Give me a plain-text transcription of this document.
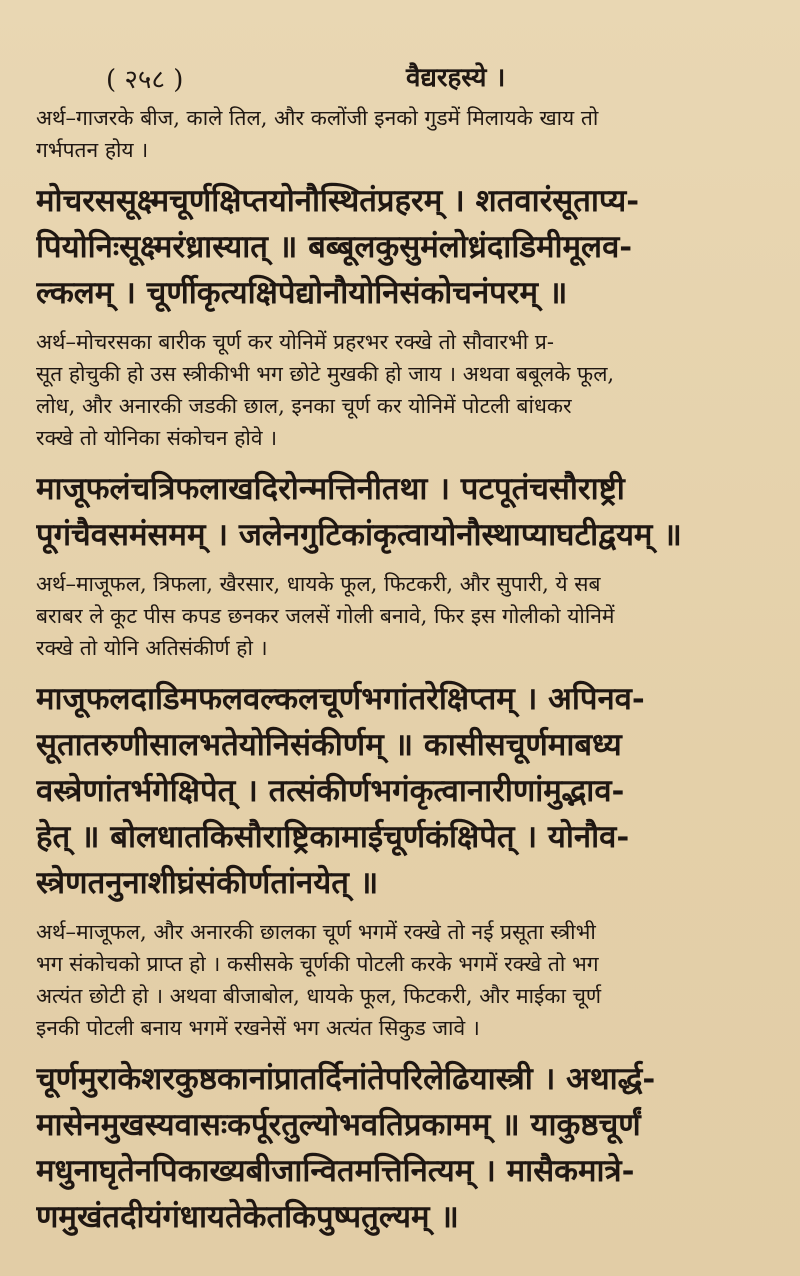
( २५८ )	वैद्यरहस्ये ।
अर्थ–गाजरके बीज, काले तिल, और कलोंजी इनको गुडमें मिलायके खाय तो
गर्भपतन होय ।
मोचरससूक्ष्मचूर्णक्षिप्तयोनौस्थितंप्रहरम् । शतवारंसूताप्य-
पियोनिःसूक्ष्मरंध्रास्यात् ॥ बब्बूलकुसुमंलोध्रंदाडिमीमूलव-
ल्कलम् । चूर्णीकृत्यक्षिपेद्योनौयोनिसंकोचनंपरम् ॥
अर्थ–मोचरसका बारीक चूर्ण कर योनिमें प्रहरभर रक्खे तो सौवारभी प्र-
सूत होचुकी हो उस स्त्रीकीभी भग छोटे मुखकी हो जाय । अथवा बबूलके फूल,
लोध, और अनारकी जडकी छाल, इनका चूर्ण कर योनिमें पोटली बांधकर
रक्खे तो योनिका संकोचन होवे ।
माजूफलंचत्रिफलाखदिरोन्मत्तिनीतथा । पटपूतंचसौराष्ट्री
पूगंचैवसमंसमम् । जलेनगुटिकांकृत्वायोनौस्थाप्याघटीद्वयम् ॥
अर्थ–माजूफल, त्रिफला, खैरसार, धायके फूल, फिटकरी, और सुपारी, ये सब
बराबर ले कूट पीस कपड छनकर जलसें गोली बनावे, फिर इस गोलीको योनिमें
रक्खे तो योनि अतिसंकीर्ण हो ।
माजूफलदाडिमफलवल्कलचूर्णभगांतरेक्षिप्तम् । अपिनव-
सूतातरुणीसालभतेयोनिसंकीर्णम् ॥ कासीसचूर्णमाबध्य
वस्त्रेणांतर्भगेक्षिपेत् । तत्संकीर्णभगंकृत्वानारीणांमुद्भाव-
हेत् ॥ बोलधातकिसौराष्ट्रिकामाईचूर्णकंक्षिपेत् । योनौव-
स्त्रेणतनुनाशीघ्रंसंकीर्णतांनयेत् ॥
अर्थ–माजूफल, और अनारकी छालका चूर्ण भगमें रक्खे तो नई प्रसूता स्त्रीभी
भग संकोचको प्राप्त हो । कसीसके चूर्णकी पोटली करके भगमें रक्खे तो भग
अत्यंत छोटी हो । अथवा बीजाबोल, धायके फूल, फिटकरी, और माईका चूर्ण
इनकी पोटली बनाय भगमें रखनेसें भग अत्यंत सिकुड जावे ।
चूर्णमुराकेशरकुष्ठकानांप्रातर्दिनांतेपरिलेढियास्त्री । अथार्द्ध-
मासेनमुखस्यवासःकर्पूरतुल्योभवतिप्रकामम् ॥ याकुष्ठचूर्णं
मधुनाघृतेनपिकाख्यबीजान्वितमत्तिनित्यम् । मासैकमात्रे-
णमुखंतदीयंगंधायतेकेतकिपुष्पतुल्यम् ॥
